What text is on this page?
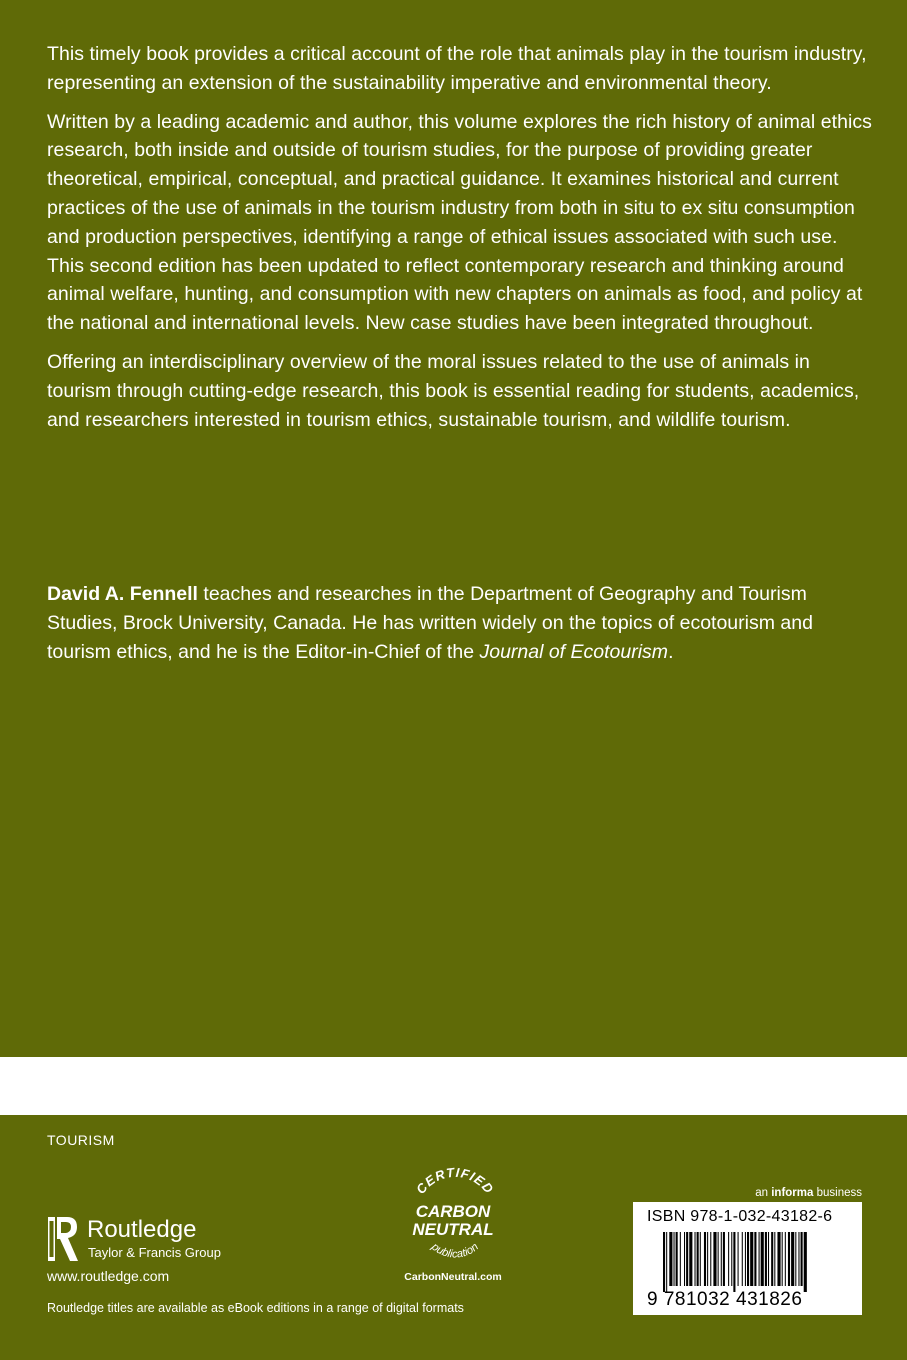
This timely book provides a critical account of the role that animals play in the tourism industry, representing an extension of the sustainability imperative and environmental theory.

Written by a leading academic and author, this volume explores the rich history of animal ethics research, both inside and outside of tourism studies, for the purpose of providing greater theoretical, empirical, conceptual, and practical guidance. It examines historical and current practices of the use of animals in the tourism industry from both in situ to ex situ consumption and production perspectives, identifying a range of ethical issues associated with such use. This second edition has been updated to reflect contemporary research and thinking around animal welfare, hunting, and consumption with new chapters on animals as food, and policy at the national and international levels. New case studies have been integrated throughout.

Offering an interdisciplinary overview of the moral issues related to the use of animals in tourism through cutting-edge research, this book is essential reading for students, academics, and researchers interested in tourism ethics, sustainable tourism, and wildlife tourism.

David A. Fennell teaches and researches in the Department of Geography and Tourism Studies, Brock University, Canada. He has written widely on the topics of ecotourism and tourism ethics, and he is the Editor-in-Chief of the Journal of Ecotourism.

TOURISM
Routledge
Taylor & Francis Group
www.routledge.com
Routledge titles are available as eBook editions in a range of digital formats
CERTIFIED
CARBON
NEUTRAL
publication
CarbonNeutral.com
an informa business
ISBN 978-1-032-43182-6
9 781032 431826
